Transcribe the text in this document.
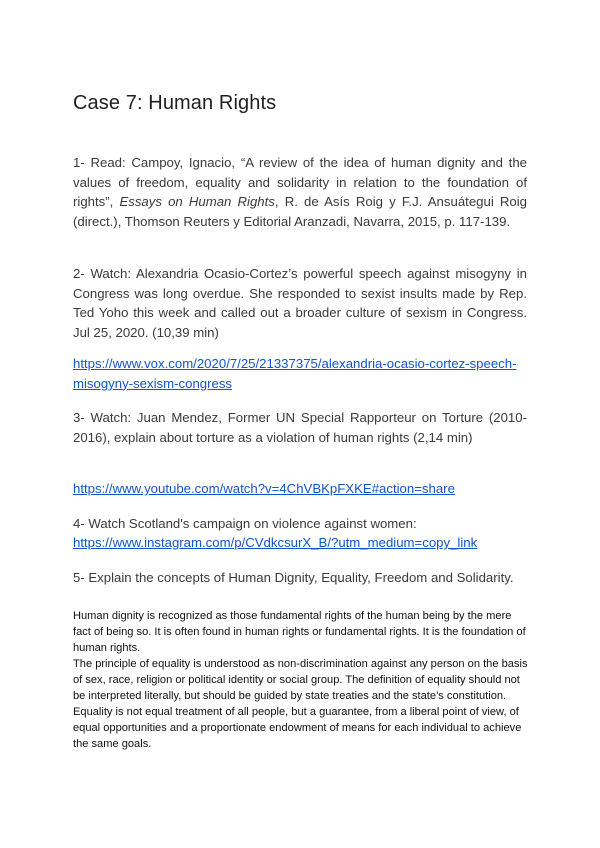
Case 7: Human Rights

1- Read: Campoy, Ignacio, “A review of the idea of human dignity and the values of freedom, equality and solidarity in relation to the foundation of rights”, Essays on Human Rights, R. de Asís Roig y F.J. Ansuátegui Roig (direct.), Thomson Reuters y Editorial Aranzadi, Navarra, 2015, p. 117-139.

2- Watch: Alexandria Ocasio-Cortez’s powerful speech against misogyny in Congress was long overdue. She responded to sexist insults made by Rep. Ted Yoho this week and called out a broader culture of sexism in Congress. Jul 25, 2020. (10,39 min)

https://www.vox.com/2020/7/25/21337375/alexandria-ocasio-cortez-speech-misogyny-sexism-congress

3- Watch: Juan Mendez, Former UN Special Rapporteur on Torture (2010-2016), explain about torture as a violation of human rights (2,14 min)

https://www.youtube.com/watch?v=4ChVBKpFXKE#action=share

4- Watch Scotland's campaign on violence against women:

https://www.instagram.com/p/CVdkcsurX_B/?utm_medium=copy_link

5- Explain the concepts of Human Dignity, Equality, Freedom and Solidarity.

Human dignity is recognized as those fundamental rights of the human being by the mere fact of being so. It is often found in human rights or fundamental rights. It is the foundation of human rights.

The principle of equality is understood as non-discrimination against any person on the basis of sex, race, religion or political identity or social group. The definition of equality should not be interpreted literally, but should be guided by state treaties and the state’s constitution. Equality is not equal treatment of all people, but a guarantee, from a liberal point of view, of equal opportunities and a proportionate endowment of means for each individual to achieve the same goals.
